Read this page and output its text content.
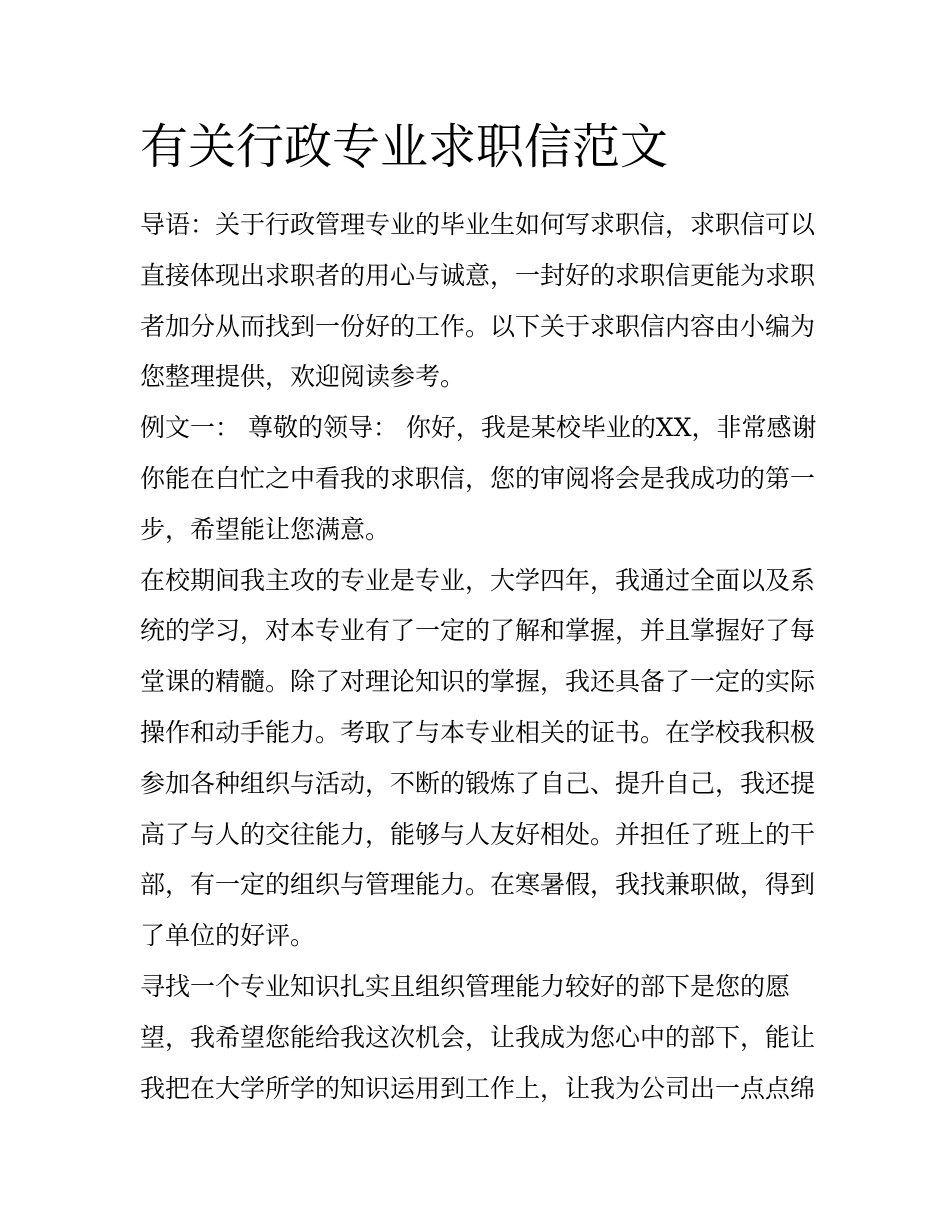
有关行政专业求职信范文
导语：关于行政管理专业的毕业生如何写求职信，求职信可以
直接体现出求职者的用心与诚意，一封好的求职信更能为求职
者加分从而找到一份好的工作。以下关于求职信内容由小编为
您整理提供，欢迎阅读参考。
例文一： 尊敬的领导： 你好，我是某校毕业的XX，非常感谢
你能在白忙之中看我的求职信，您的审阅将会是我成功的第一
步，希望能让您满意。
在校期间我主攻的专业是专业，大学四年，我通过全面以及系
统的学习，对本专业有了一定的了解和掌握，并且掌握好了每
堂课的精髓。除了对理论知识的掌握，我还具备了一定的实际
操作和动手能力。考取了与本专业相关的证书。在学校我积极
参加各种组织与活动，不断的锻炼了自己、提升自己，我还提
高了与人的交往能力，能够与人友好相处。并担任了班上的干
部，有一定的组织与管理能力。在寒暑假，我找兼职做，得到
了单位的好评。
寻找一个专业知识扎实且组织管理能力较好的部下是您的愿
望，我希望您能给我这次机会，让我成为您心中的部下，能让
我把在大学所学的知识运用到工作上，让我为公司出一点点绵
